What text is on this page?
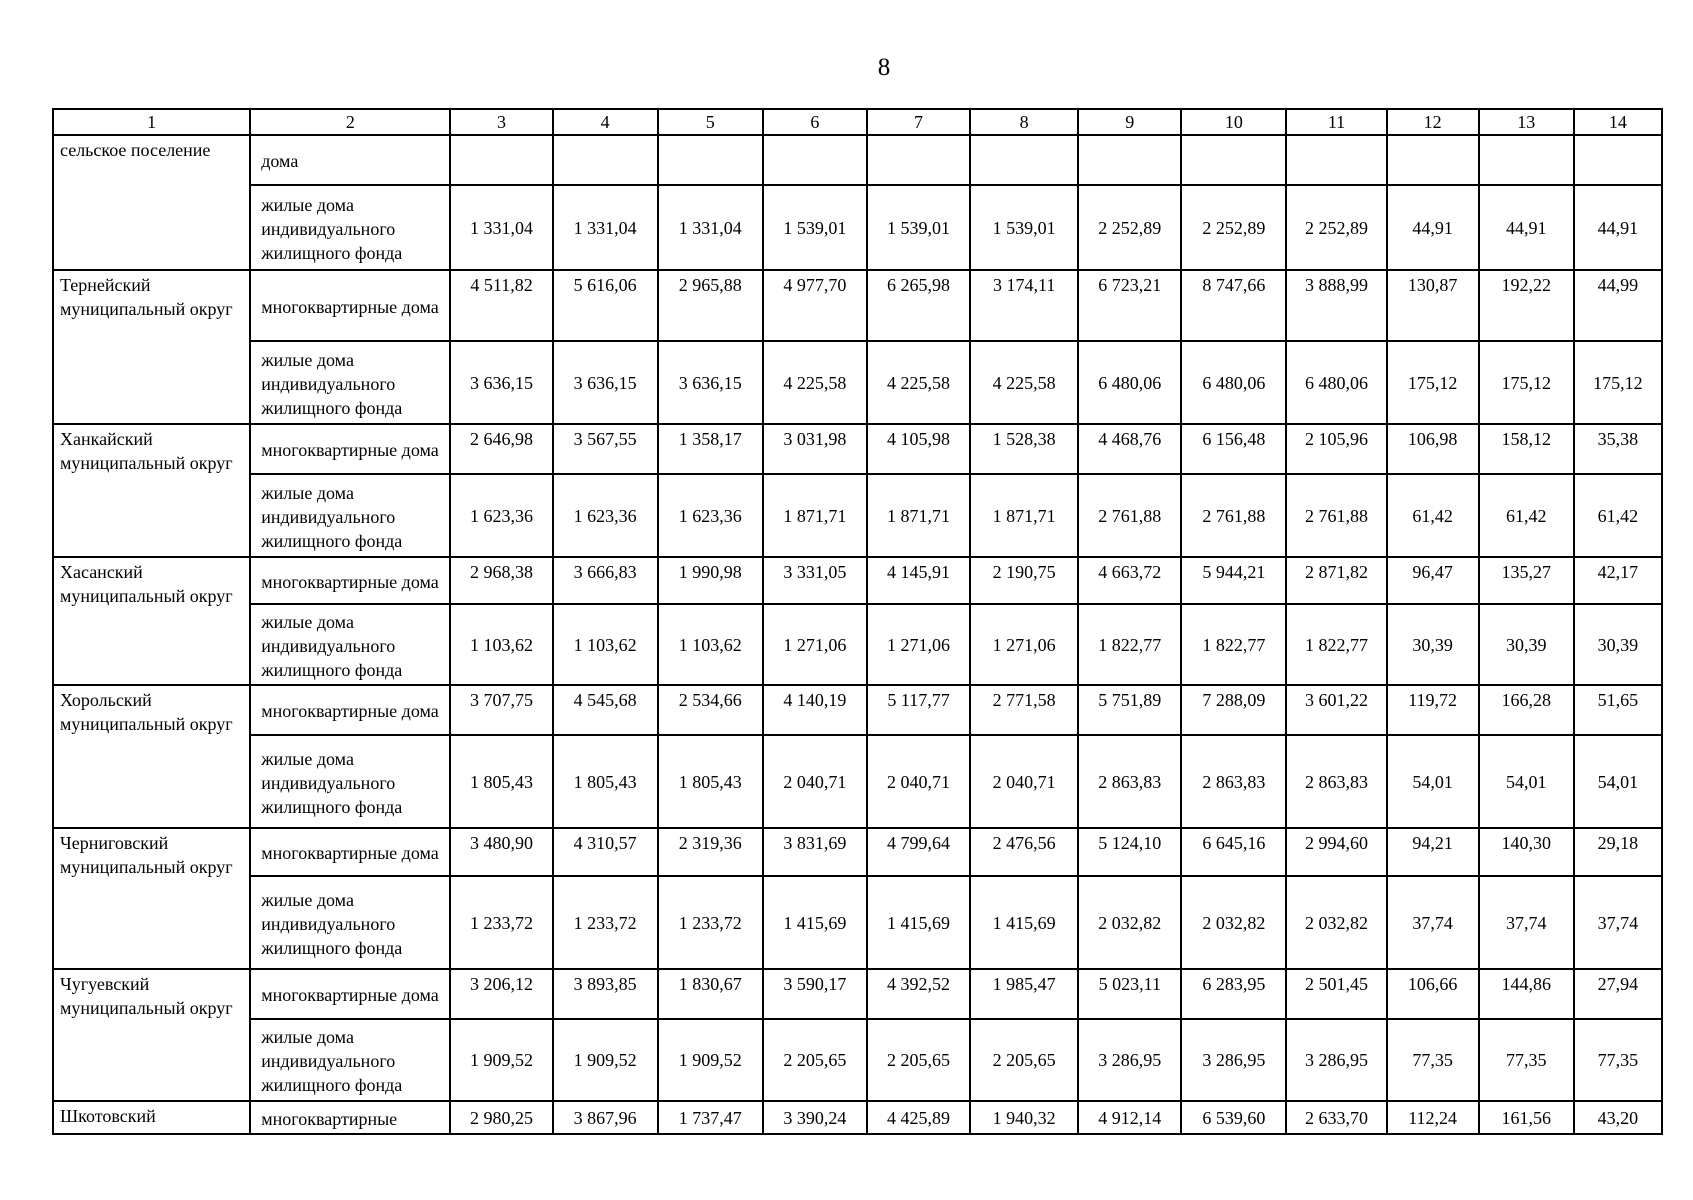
8
1	2	3	4	5	6	7	8	9	10	11	12	13	14
сельское поселение	дома												
	жилые дома индивидуального жилищного фонда	1 331,04	1 331,04	1 331,04	1 539,01	1 539,01	1 539,01	2 252,89	2 252,89	2 252,89	44,91	44,91	44,91
Тернейский муниципальный округ	многоквартирные дома	4 511,82	5 616,06	2 965,88	4 977,70	6 265,98	3 174,11	6 723,21	8 747,66	3 888,99	130,87	192,22	44,99
	жилые дома индивидуального жилищного фонда	3 636,15	3 636,15	3 636,15	4 225,58	4 225,58	4 225,58	6 480,06	6 480,06	6 480,06	175,12	175,12	175,12
Ханкайский муниципальный округ	многоквартирные дома	2 646,98	3 567,55	1 358,17	3 031,98	4 105,98	1 528,38	4 468,76	6 156,48	2 105,96	106,98	158,12	35,38
	жилые дома индивидуального жилищного фонда	1 623,36	1 623,36	1 623,36	1 871,71	1 871,71	1 871,71	2 761,88	2 761,88	2 761,88	61,42	61,42	61,42
Хасанский муниципальный округ	многоквартирные дома	2 968,38	3 666,83	1 990,98	3 331,05	4 145,91	2 190,75	4 663,72	5 944,21	2 871,82	96,47	135,27	42,17
	жилые дома индивидуального жилищного фонда	1 103,62	1 103,62	1 103,62	1 271,06	1 271,06	1 271,06	1 822,77	1 822,77	1 822,77	30,39	30,39	30,39
Хорольский муниципальный округ	многоквартирные дома	3 707,75	4 545,68	2 534,66	4 140,19	5 117,77	2 771,58	5 751,89	7 288,09	3 601,22	119,72	166,28	51,65
	жилые дома индивидуального жилищного фонда	1 805,43	1 805,43	1 805,43	2 040,71	2 040,71	2 040,71	2 863,83	2 863,83	2 863,83	54,01	54,01	54,01
Черниговский муниципальный округ	многоквартирные дома	3 480,90	4 310,57	2 319,36	3 831,69	4 799,64	2 476,56	5 124,10	6 645,16	2 994,60	94,21	140,30	29,18
	жилые дома индивидуального жилищного фонда	1 233,72	1 233,72	1 233,72	1 415,69	1 415,69	1 415,69	2 032,82	2 032,82	2 032,82	37,74	37,74	37,74
Чугуевский муниципальный округ	многоквартирные дома	3 206,12	3 893,85	1 830,67	3 590,17	4 392,52	1 985,47	5 023,11	6 283,95	2 501,45	106,66	144,86	27,94
	жилые дома индивидуального жилищного фонда	1 909,52	1 909,52	1 909,52	2 205,65	2 205,65	2 205,65	3 286,95	3 286,95	3 286,95	77,35	77,35	77,35
Шкотовский	многоквартирные	2 980,25	3 867,96	1 737,47	3 390,24	4 425,89	1 940,32	4 912,14	6 539,60	2 633,70	112,24	161,56	43,20
